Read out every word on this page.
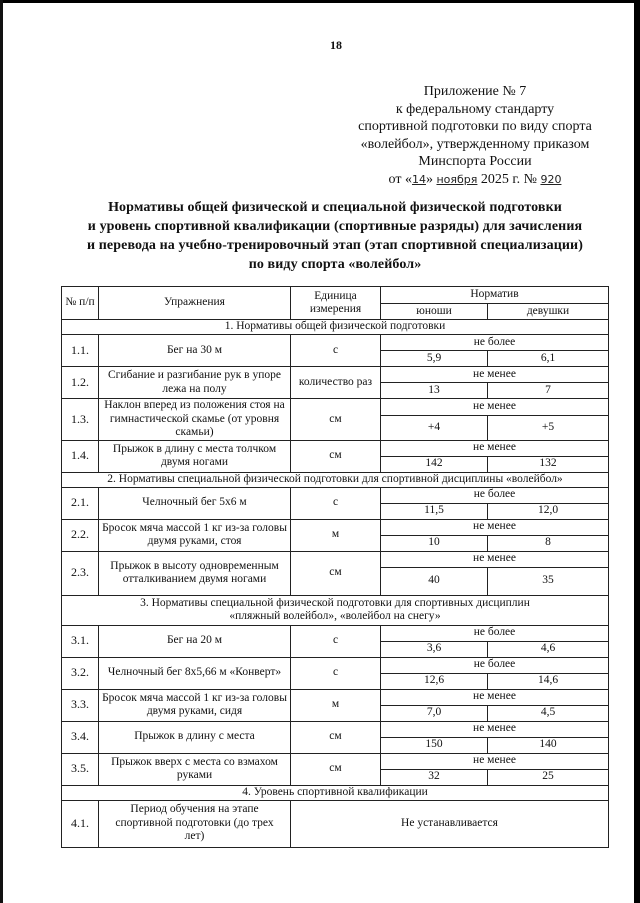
18
Приложение № 7
к федеральному стандарту
спортивной подготовки по виду спорта
«волейбол», утвержденному приказом
Минспорта России
от «14» ноября 2025 г. № 920
Нормативы общей физической и специальной физической подготовки
и уровень спортивной квалификации (спортивные разряды) для зачисления
и перевода на учебно-тренировочный этап (этап спортивной специализации)
по виду спорта «волейбол»
№ п/п	Упражнения	Единица измерения	Норматив	
			юноши	девушки
1. Нормативы общей физической подготовки				
1.1.	Бег на 30 м	с	не более	
			5,9	6,1
1.2.	Сгибание и разгибание рук в упоре лежа на полу	количество раз	не менее	
			13	7
1.3.	Наклон вперед из положения стоя на гимнастической скамье (от уровня скамьи)	см	не менее	
			+4	+5
1.4.	Прыжок в длину с места толчком двумя ногами	см	не менее	
			142	132
2. Нормативы специальной физической подготовки для спортивной дисциплины «волейбол»				
2.1.	Челночный бег 5х6 м	с	не более	
			11,5	12,0
2.2.	Бросок мяча массой 1 кг из-за головы двумя руками, стоя	м	не менее	
			10	8
2.3.	Прыжок в высоту одновременным отталкиванием двумя ногами	см	не менее	
			40	35
3. Нормативы специальной физической подготовки для спортивных дисциплин «пляжный волейбол», «волейбол на снегу»				
3.1.	Бег на 20 м	с	не более	
			3,6	4,6
3.2.	Челночный бег 8х5,66 м «Конверт»	с	не более	
			12,6	14,6
3.3.	Бросок мяча массой 1 кг из-за головы двумя руками, сидя	м	не менее	
			7,0	4,5
3.4.	Прыжок в длину с места	см	не менее	
			150	140
3.5.	Прыжок вверх с места со взмахом руками	см	не менее	
			32	25
4. Уровень спортивной квалификации				
4.1.	Период обучения на этапе спортивной подготовки (до трех лет)	Не устанавливается		
